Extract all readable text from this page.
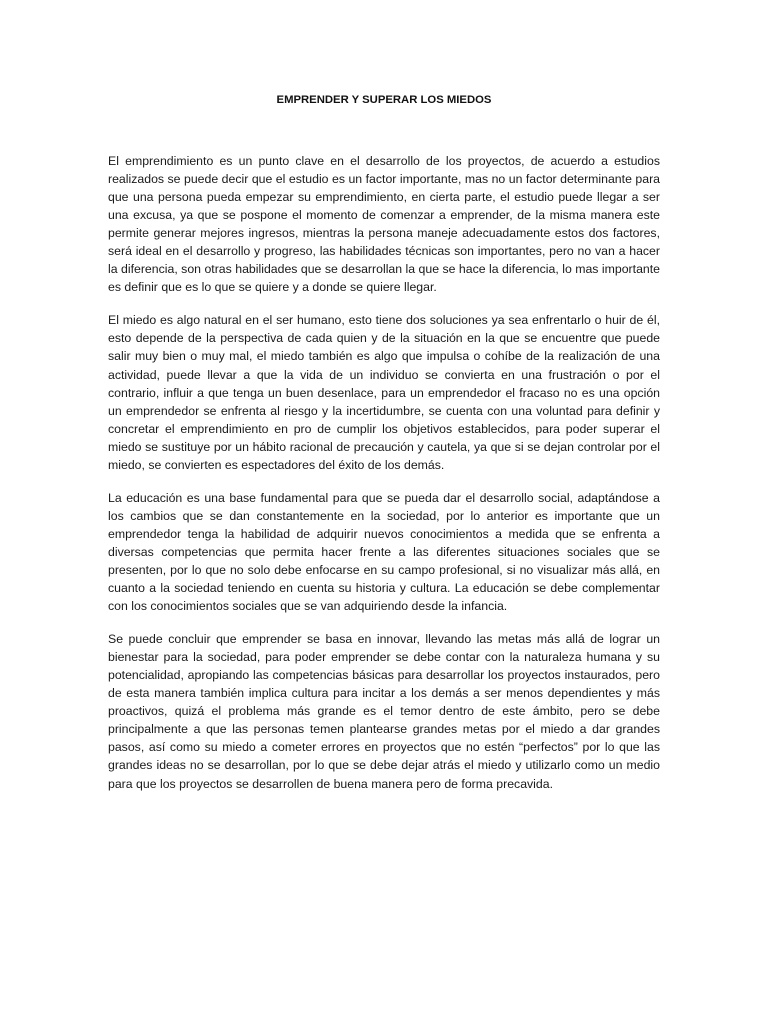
EMPRENDER Y SUPERAR LOS MIEDOS

El emprendimiento es un punto clave en el desarrollo de los proyectos, de acuerdo a estudios realizados se puede decir que el estudio es un factor importante, mas no un factor determinante para que una persona pueda empezar su emprendimiento, en cierta parte, el estudio puede llegar a ser una excusa, ya que se pospone el momento de comenzar a emprender, de la misma manera este permite generar mejores ingresos, mientras la persona maneje adecuadamente estos dos factores, será ideal en el desarrollo y progreso, las habilidades técnicas son importantes, pero no van a hacer la diferencia, son otras habilidades que se desarrollan la que se hace la diferencia, lo mas importante es definir que es lo que se quiere y a donde se quiere llegar.

El miedo es algo natural en el ser humano, esto tiene dos soluciones ya sea enfrentarlo o huir de él, esto depende de la perspectiva de cada quien y de la situación en la que se encuentre que puede salir muy bien o muy mal, el miedo también es algo que impulsa o cohíbe de la realización de una actividad, puede llevar a que la vida de un individuo se convierta en una frustración o por el contrario, influir a que tenga un buen desenlace, para un emprendedor el fracaso no es una opción un emprendedor se enfrenta al riesgo y la incertidumbre, se cuenta con una voluntad para definir y concretar el emprendimiento en pro de cumplir los objetivos establecidos, para poder superar el miedo se sustituye por un hábito racional de precaución y cautela, ya que si se dejan controlar por el miedo, se convierten es espectadores del éxito de los demás.

La educación es una base fundamental para que se pueda dar el desarrollo social, adaptándose a los cambios que se dan constantemente en la sociedad, por lo anterior es importante que un emprendedor tenga la habilidad de adquirir nuevos conocimientos a medida que se enfrenta a diversas competencias que permita hacer frente a las diferentes situaciones sociales que se presenten, por lo que no solo debe enfocarse en su campo profesional, si no visualizar más allá, en cuanto a la sociedad teniendo en cuenta su historia y cultura. La educación se debe complementar con los conocimientos sociales que se van adquiriendo desde la infancia.

Se puede concluir que emprender se basa en innovar, llevando las metas más allá de lograr un bienestar para la sociedad, para poder emprender se debe contar con la naturaleza humana y su potencialidad, apropiando las competencias básicas para desarrollar los proyectos instaurados, pero de esta manera también implica cultura para incitar a los demás a ser menos dependientes y más proactivos, quizá el problema más grande es el temor dentro de este ámbito, pero se debe principalmente a que las personas temen plantearse grandes metas por el miedo a dar grandes pasos, así como su miedo a cometer errores en proyectos que no estén “perfectos” por lo que las grandes ideas no se desarrollan, por lo que se debe dejar atrás el miedo y utilizarlo como un medio para que los proyectos se desarrollen de buena manera pero de forma precavida.
